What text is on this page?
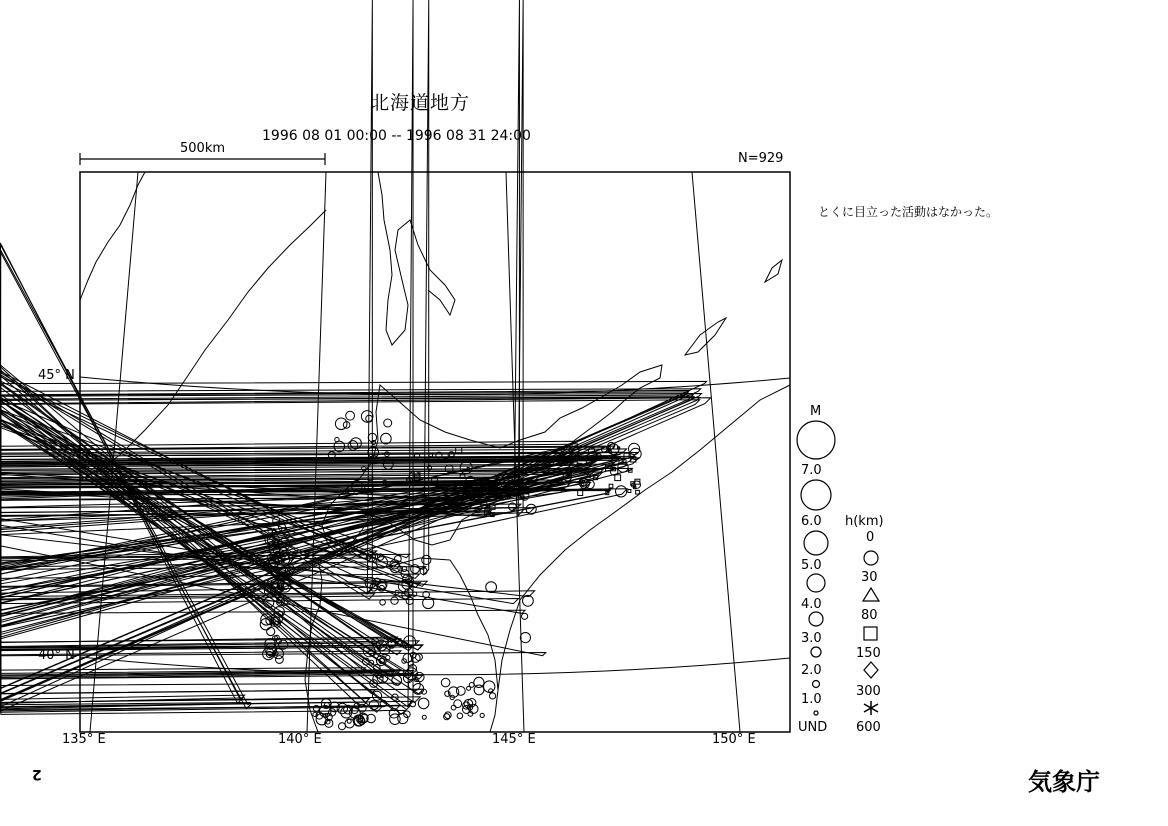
北海道地方
1996 08 01 00:00 -- 1996 08 31 24:00
N=929
500km
とくに目立った活動はなかった。
気象庁
2
45° N
40° N
135° E	140° E	145° E	150° E
M
7.0
6.0
5.0
4.0
3.0
2.0
1.0
UND
h(km)
0
30
80
150
300
600
